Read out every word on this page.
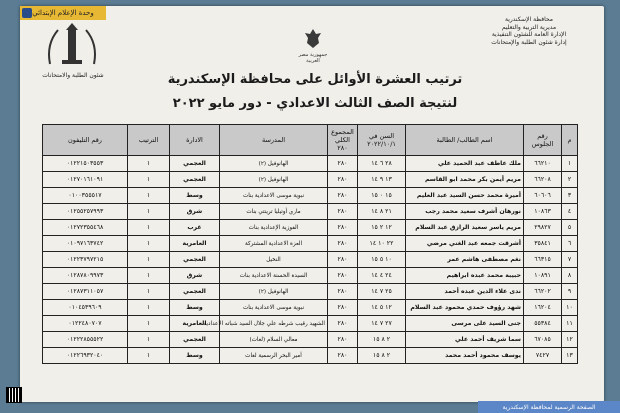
وحدة الإعلام الإبتدائي
محافظة الإسكندرية
مديرية التربية والتعليم
الإدارة العامة للشئون التنفيذية
إدارة شئون الطلبة والإمتحانات
جمهورية مصر العربية
شئون الطلبة والامتحانات	ترتيب العشرة الأوائل على محافظة الإسكندرية
لنتيجة الصف الثالث الاعدادي - دور مايو ٢٠٢٢
م	رقم الجلوس	اسم الطالب/ الطالبة	السن في ٢٠٢٢/١٠/١	المجموع الكلي ٢٨٠	المدرسة	الادارة	الترتيب	رقم التليفون
١	٦٦٢١٠	ملك عاطف عبد الحميد علي	٢٨ ٦ ١٤	٢٨٠	الهانوفيل (٢)	العجمي	١	٠١٢٢١٥٠٣٥٥٣
٢	٦٦٢٠٨	مريم أيمن بكر محمد ابو القاسم	١٣ ٩ ١٤	٢٨٠	الهانوفيل (٢)	العجمي	١	٠١٢٧٠١٦١٠٩١
٣	٦٠٦٠٦	أميرة محمد حسن السيد عبد العليم	١٥ ٠ ١٥	٢٨٠	نبوية موسى الاعدادية بنات	وسط	١	٠١٠٠٣٥٥٥١٧
٤	١٠٨٦٣	نورهان أشرف سعيد محمد رجب	٢١ ٨ ١٤	٢٨٠	ماري أوتيليا ترينتي بنات	شرق	١	٠١٢٥٥٢٥٧٩٩٣
٥	٢٩٨٢٧	مريم ياسر سعيد الرازق عبد السلام	١٢ ٢ ١٥	٢٨٠	الفوزية الإعدادية بنات	غرب	١	٠١٢٧٢٣٥٥٤٦٨
٦	٣٥٨٤١	أشرقت جمعه عبد الغني مرضي	٢٢ ١٠ ١٤	٢٨٠	العزة الاعدادية المشتركة	العامرية	١	٠١٠٩٧١٦٣٧٤٢
٧	٦٦٣١٥	نغم مصطفى هاشم عمر	١٠ ٥ ١٥	٢٨٠	النخيل	العجمي	١	٠١٢٢٣٧٩٧٢١٥
٨	١٠٨٩١	حبيبة محمد عبده ابراهيم	٢٤ ٤ ١٤	٢٨٠	السيدة الحسنة الاعدادية بنات	شرق	١	٠١٢٨٧٨٠٩٩٧٣
٩	٦٦٢٠٢	ندى علاء الدين عبده أحمد	٢٥ ٧ ١٤	٢٨٠	الهانوفيل (٢)	العجمي	١	٠١٢٨٧٣١١٠٥٧
١٠	١٦٢٠٤	شهد رؤوف حمدي محمود عبد السلام	١٢ ٥ ١٤	٢٨٠	نبوية موسى الاعدادية بنات	وسط	١	٠١٠٤٥٣٩٦٠٩
١١	٥٥٣٨٤	جنى السيد على مرسى	٢٧ ٧ ١٤	٢٨٠	الشهيد رقيب شرطه علي جلال السيد شباته الاعداديه	العامرية	١	٠١٢٢٤٨٠٧٠٧
١٢	٦٧٠٨٥	سما شريف أحمد علي	٢ ٨ ١٥	٢٨٠	معالي السلام (لغات)	العجمي	١	٠١٢٢٢٨٥٥٥٢٢
١٣	٧٤٢٧	يوسف محمود أحمد محمد	٢ ٨ ١٥	٢٨٠	أمير البحر الرسمية لغات	وسط	١	٠١٢٢٦٩٣٢٠٤٠
الصفحة الرسمية لمحافظة الإسكندرية
